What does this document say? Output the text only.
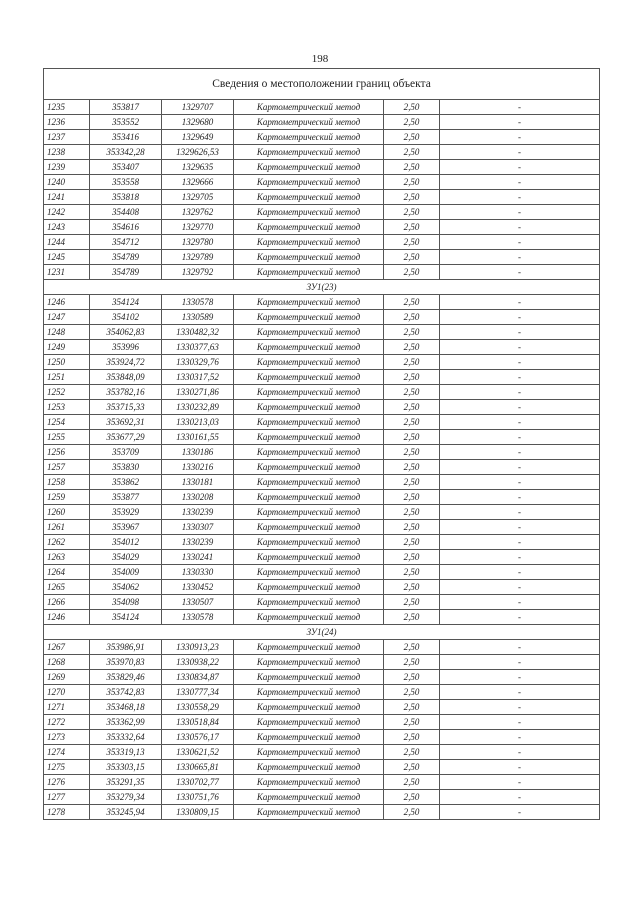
198
Сведения о местоположении границ объекта					
1235	353817	1329707	Картометрический метод	2,50	-
1236	353552	1329680	Картометрический метод	2,50	-
1237	353416	1329649	Картометрический метод	2,50	-
1238	353342,28	1329626,53	Картометрический метод	2,50	-
1239	353407	1329635	Картометрический метод	2,50	-
1240	353558	1329666	Картометрический метод	2,50	-
1241	353818	1329705	Картометрический метод	2,50	-
1242	354408	1329762	Картометрический метод	2,50	-
1243	354616	1329770	Картометрический метод	2,50	-
1244	354712	1329780	Картометрический метод	2,50	-
1245	354789	1329789	Картометрический метод	2,50	-
1231	354789	1329792	Картометрический метод	2,50	-
ЗУ1(23)					
1246	354124	1330578	Картометрический метод	2,50	-
1247	354102	1330589	Картометрический метод	2,50	-
1248	354062,83	1330482,32	Картометрический метод	2,50	-
1249	353996	1330377,63	Картометрический метод	2,50	-
1250	353924,72	1330329,76	Картометрический метод	2,50	-
1251	353848,09	1330317,52	Картометрический метод	2,50	-
1252	353782,16	1330271,86	Картометрический метод	2,50	-
1253	353715,33	1330232,89	Картометрический метод	2,50	-
1254	353692,31	1330213,03	Картометрический метод	2,50	-
1255	353677,29	1330161,55	Картометрический метод	2,50	-
1256	353709	1330186	Картометрический метод	2,50	-
1257	353830	1330216	Картометрический метод	2,50	-
1258	353862	1330181	Картометрический метод	2,50	-
1259	353877	1330208	Картометрический метод	2,50	-
1260	353929	1330239	Картометрический метод	2,50	-
1261	353967	1330307	Картометрический метод	2,50	-
1262	354012	1330239	Картометрический метод	2,50	-
1263	354029	1330241	Картометрический метод	2,50	-
1264	354009	1330330	Картометрический метод	2,50	-
1265	354062	1330452	Картометрический метод	2,50	-
1266	354098	1330507	Картометрический метод	2,50	-
1246	354124	1330578	Картометрический метод	2,50	-
ЗУ1(24)					
1267	353986,91	1330913,23	Картометрический метод	2,50	-
1268	353970,83	1330938,22	Картометрический метод	2,50	-
1269	353829,46	1330834,87	Картометрический метод	2,50	-
1270	353742,83	1330777,34	Картометрический метод	2,50	-
1271	353468,18	1330558,29	Картометрический метод	2,50	-
1272	353362,99	1330518,84	Картометрический метод	2,50	-
1273	353332,64	1330576,17	Картометрический метод	2,50	-
1274	353319,13	1330621,52	Картометрический метод	2,50	-
1275	353303,15	1330665,81	Картометрический метод	2,50	-
1276	353291,35	1330702,77	Картометрический метод	2,50	-
1277	353279,34	1330751,76	Картометрический метод	2,50	-
1278	353245,94	1330809,15	Картометрический метод	2,50	-
